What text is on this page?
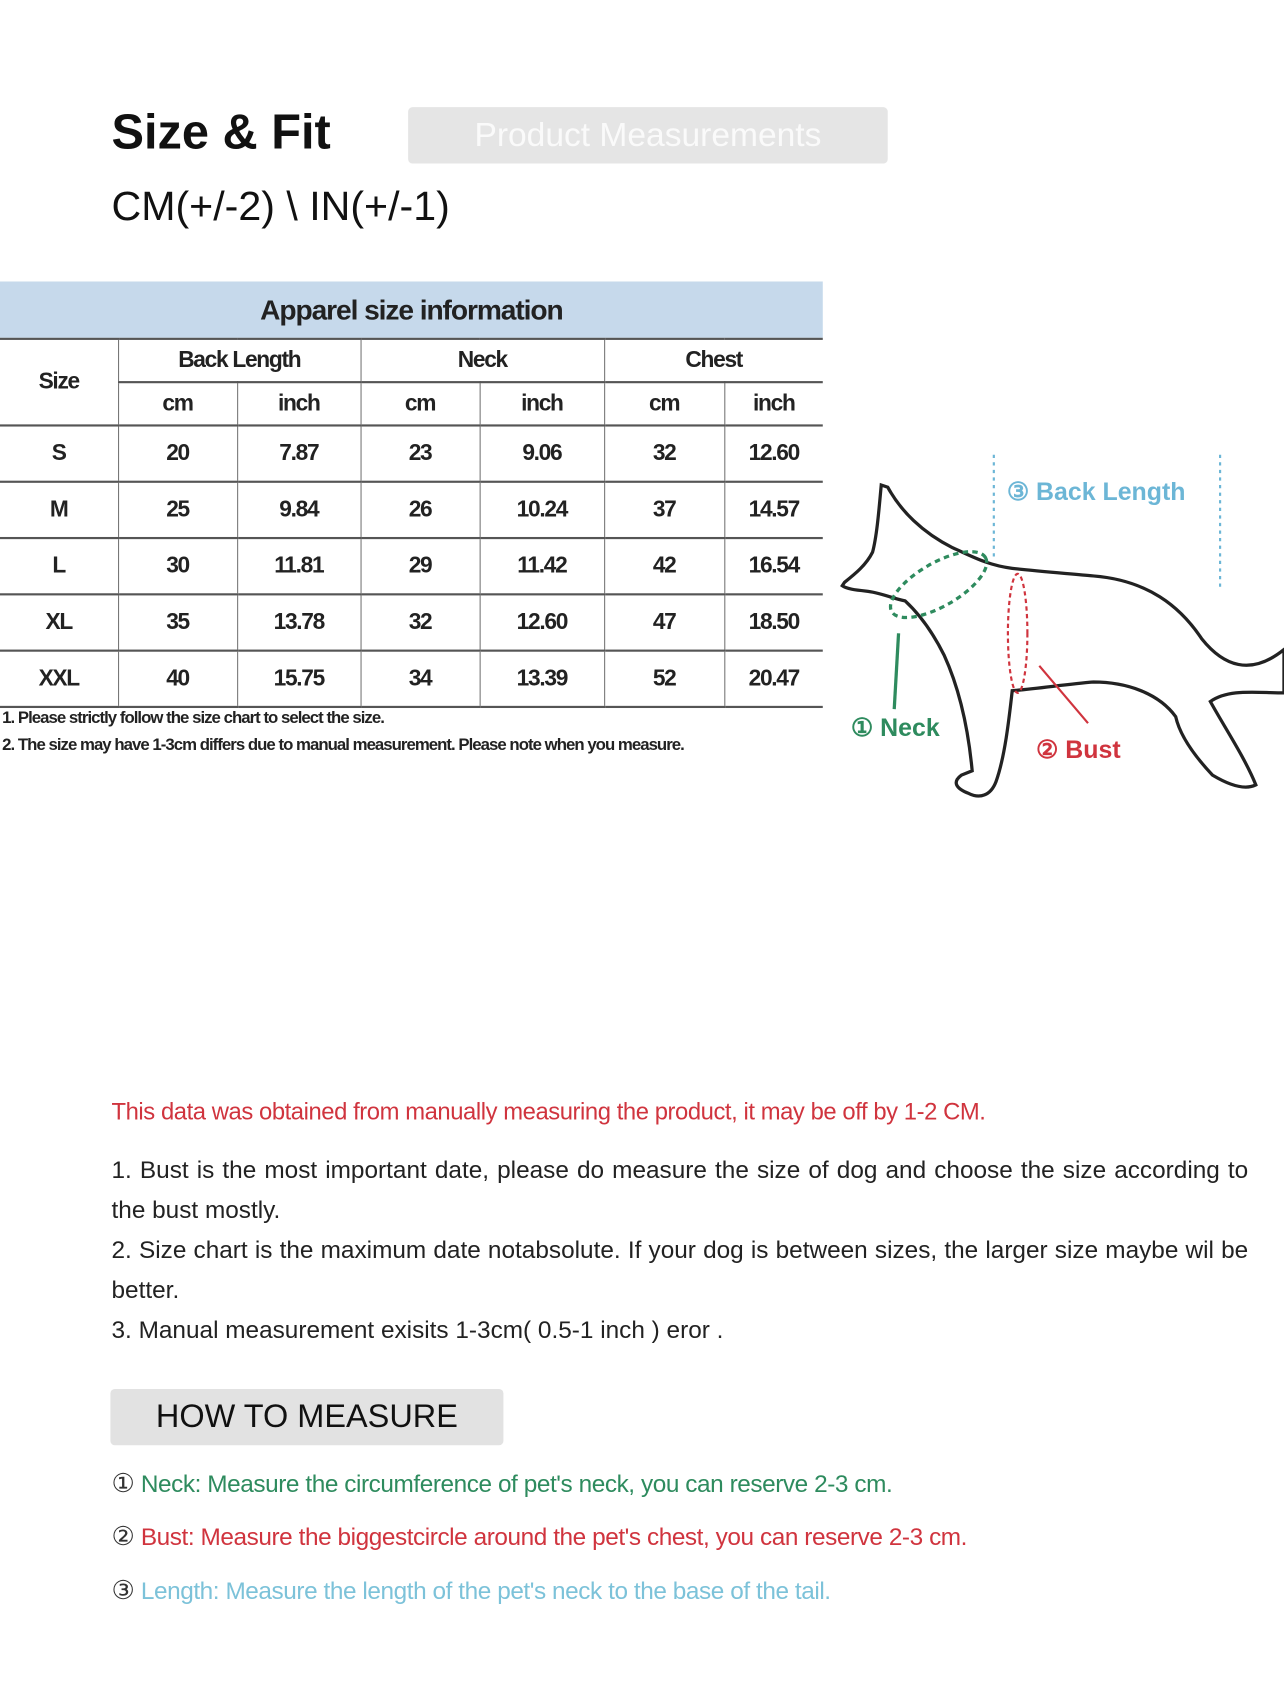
Size & Fit	Product Measurements
CM(+/-2) \ IN(+/-1)
Apparel size information
Size	Back Length		Neck		Chest	
	cm	inch	cm	inch	cm	inch
S	20	7.87	23	9.06	32	12.60
M	25	9.84	26	10.24	37	14.57
L	30	11.81	29	11.42	42	16.54
XL	35	13.78	32	12.60	47	18.50
XXL	40	15.75	34	13.39	52	20.47
1. Please strictly follow the size chart to select the size.
2. The size may have 1-3cm differs due to manual measurement. Please note when you measure.
③ Back Length
① Neck
② Bust
This data was obtained from manually measuring the product, it may be off by 1-2 CM.
1. Bust is the most important date, please do measure the size of dog and choose the size according to the bust mostly.
2. Size chart is the maximum date notabsolute. If your dog is between sizes, the larger size maybe wil be better.
3. Manual measurement exisits 1-3cm( 0.5-1 inch ) eror .
HOW TO MEASURE
① Neck: Measure the circumference of pet's neck, you can reserve 2-3 cm.
② Bust: Measure the biggestcircle around the pet's chest, you can reserve 2-3 cm.
③ Length: Measure the length of the pet's neck to the base of the tail.
